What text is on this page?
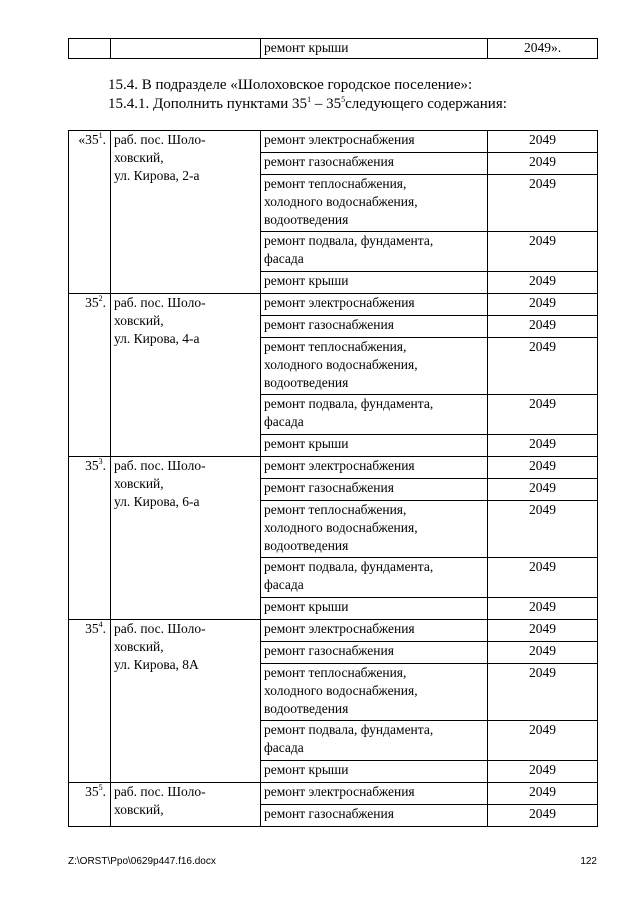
		ремонт крыши	2049».
15.4. В подразделе «Шолоховское городское поселение»:
15.4.1. Дополнить пунктами $35^1$ – $35^5следующего$ содержания:
«$35^1$.	раб. пос. Шоло-
ховский,
ул. Кирова, 2-а	ремонт электроснабжения	2049

		ремонт газоснабжения	2049

		ремонт теплоснабжения,
холодного водоснабжения,
водоотведения	2049

		ремонт подвала, фундамента,
фасада	2049

		ремонт крыши	2049
$35^2$.	раб. пос. Шоло-
ховский,
ул. Кирова, 4-а	ремонт электроснабжения	2049

		ремонт газоснабжения	2049

		ремонт теплоснабжения,
холодного водоснабжения,
водоотведения	2049

		ремонт подвала, фундамента,
фасада	2049

		ремонт крыши	2049
$35^3$.	раб. пос. Шоло-
ховский,
ул. Кирова, 6-а	ремонт электроснабжения	2049

		ремонт газоснабжения	2049

		ремонт теплоснабжения,
холодного водоснабжения,
водоотведения	2049

		ремонт подвала, фундамента,
фасада	2049

		ремонт крыши	2049
$35^4$.	раб. пос. Шоло-
ховский,
ул. Кирова, 8А	ремонт электроснабжения	2049

		ремонт газоснабжения	2049

		ремонт теплоснабжения,
холодного водоснабжения,
водоотведения	2049

		ремонт подвала, фундамента,
фасада	2049

		ремонт крыши	2049
$35^5$.	раб. пос. Шоло-
ховский,	ремонт электроснабжения	2049

		ремонт газоснабжения	2049
Z:\ORST\Ppo\0629p447.f16.docx	122
